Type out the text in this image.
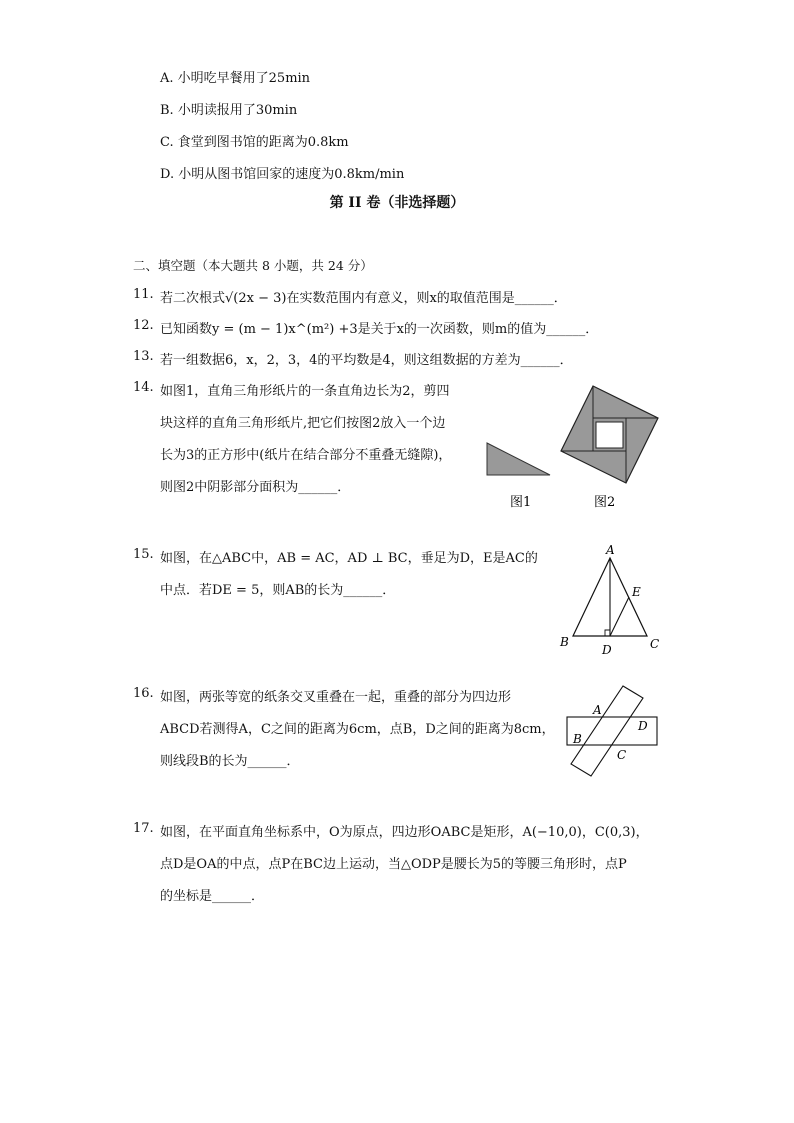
A. 小明吃早餐用了25min
B. 小明读报用了30min
C. 食堂到图书馆的距离为0.8km
D. 小明从图书馆回家的速度为0.8km/min
第 II 卷（非选择题）
二、填空题（本大题共 8 小题，共 24 分）
11. 若二次根式√(2x − 3)在实数范围内有意义，则x的取值范围是______．
12. 已知函数y = (m − 1)x^(m²) +3是关于x的一次函数，则m的值为______．
13. 若一组数据6，x，2，3，4的平均数是4，则这组数据的方差为______．
14. 如图1，直角三角形纸片的一条直角边长为2，剪四
块这样的直角三角形纸片,把它们按图2放入一个边
长为3的正方形中(纸片在结合部分不重叠无缝隙)，
则图2中阴影部分面积为______．
图1	图2
15. 如图，在△ABC中，AB = AC，AD ⊥ BC，垂足为D，E是AC的
中点．若DE = 5，则AB的长为______．
A
B	C
D
E
16. 如图，两张等宽的纸条交叉重叠在一起，重叠的部分为四边形
ABCD若测得A，C之间的距离为6cm，点B，D之间的距离为8cm，
则线段B的长为______．
A
B
C
D
17. 如图，在平面直角坐标系中，O为原点，四边形OABC是矩形，A(−10,0)，C(0,3)，
点D是OA的中点，点P在BC边上运动，当△ODP是腰长为5的等腰三角形时，点P
的坐标是______．
